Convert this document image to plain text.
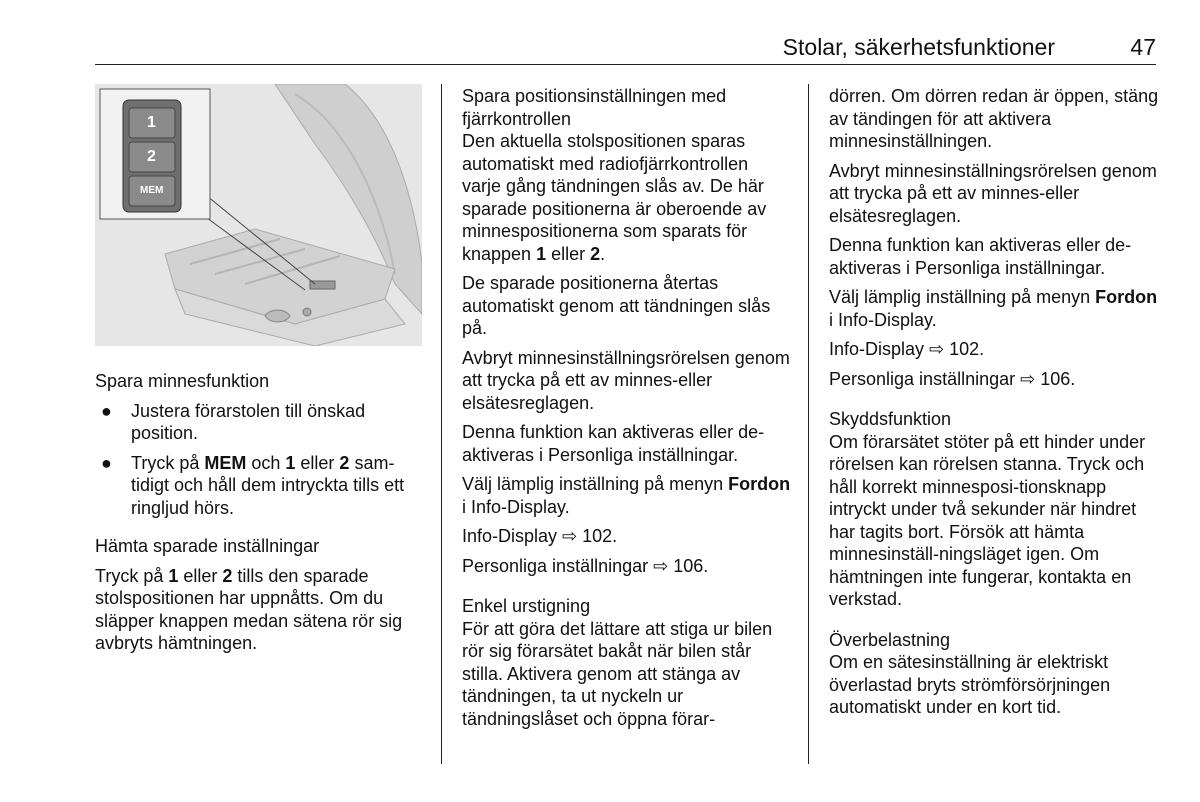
Stolar, säkerhetsfunktioner	47
1
2
MEM

Spara minnesfunktion

● Justera förarstolen till önskad position.
● Tryck på MEM och 1 eller 2 sam-tidigt och håll dem intryckta tills ett ringljud hörs.

Hämta sparade inställningar

Tryck på 1 eller 2 tills den sparade stolspositionen har uppnåtts. Om du släpper knappen medan sätena rör sig avbryts hämtningen.

Spara positionsinställningen med fjärrkontrollen

Den aktuella stolspositionen sparas automatiskt med radiofjärrkontrollen varje gång tändningen slås av. De här sparade positionerna är oberoende av minnespositionerna som sparats för knappen 1 eller 2.

De sparade positionerna återtas automatiskt genom att tändningen slås på.

Avbryt minnesinställningsrörelsen genom att trycka på ett av minnes-eller elsätesreglagen.

Denna funktion kan aktiveras eller de-aktiveras i Personliga inställningar.

Välj lämplig inställning på menyn Fordon i Info-Display.

Info-Display ⇨ 102.

Personliga inställningar ⇨ 106.

Enkel urstigning

För att göra det lättare att stiga ur bilen rör sig förarsätet bakåt när bilen står stilla. Aktivera genom att stänga av tändningen, ta ut nyckeln ur tändningslåset och öppna förar-

dörren. Om dörren redan är öppen, stäng av tändingen för att aktivera minnesinställningen.

Avbryt minnesinställningsrörelsen genom att trycka på ett av minnes-eller elsätesreglagen.

Denna funktion kan aktiveras eller de-aktiveras i Personliga inställningar.

Välj lämplig inställning på menyn Fordon i Info-Display.

Info-Display ⇨ 102.

Personliga inställningar ⇨ 106.

Skyddsfunktion

Om förarsätet stöter på ett hinder under rörelsen kan rörelsen stanna. Tryck och håll korrekt minnesposi-tionsknapp intryckt under två sekunder när hindret har tagits bort. Försök att hämta minnesinställ-ningsläget igen. Om hämtningen inte fungerar, kontakta en verkstad.

Överbelastning

Om en sätesinställning är elektriskt överlastad bryts strömförsörjningen automatiskt under en kort tid.
